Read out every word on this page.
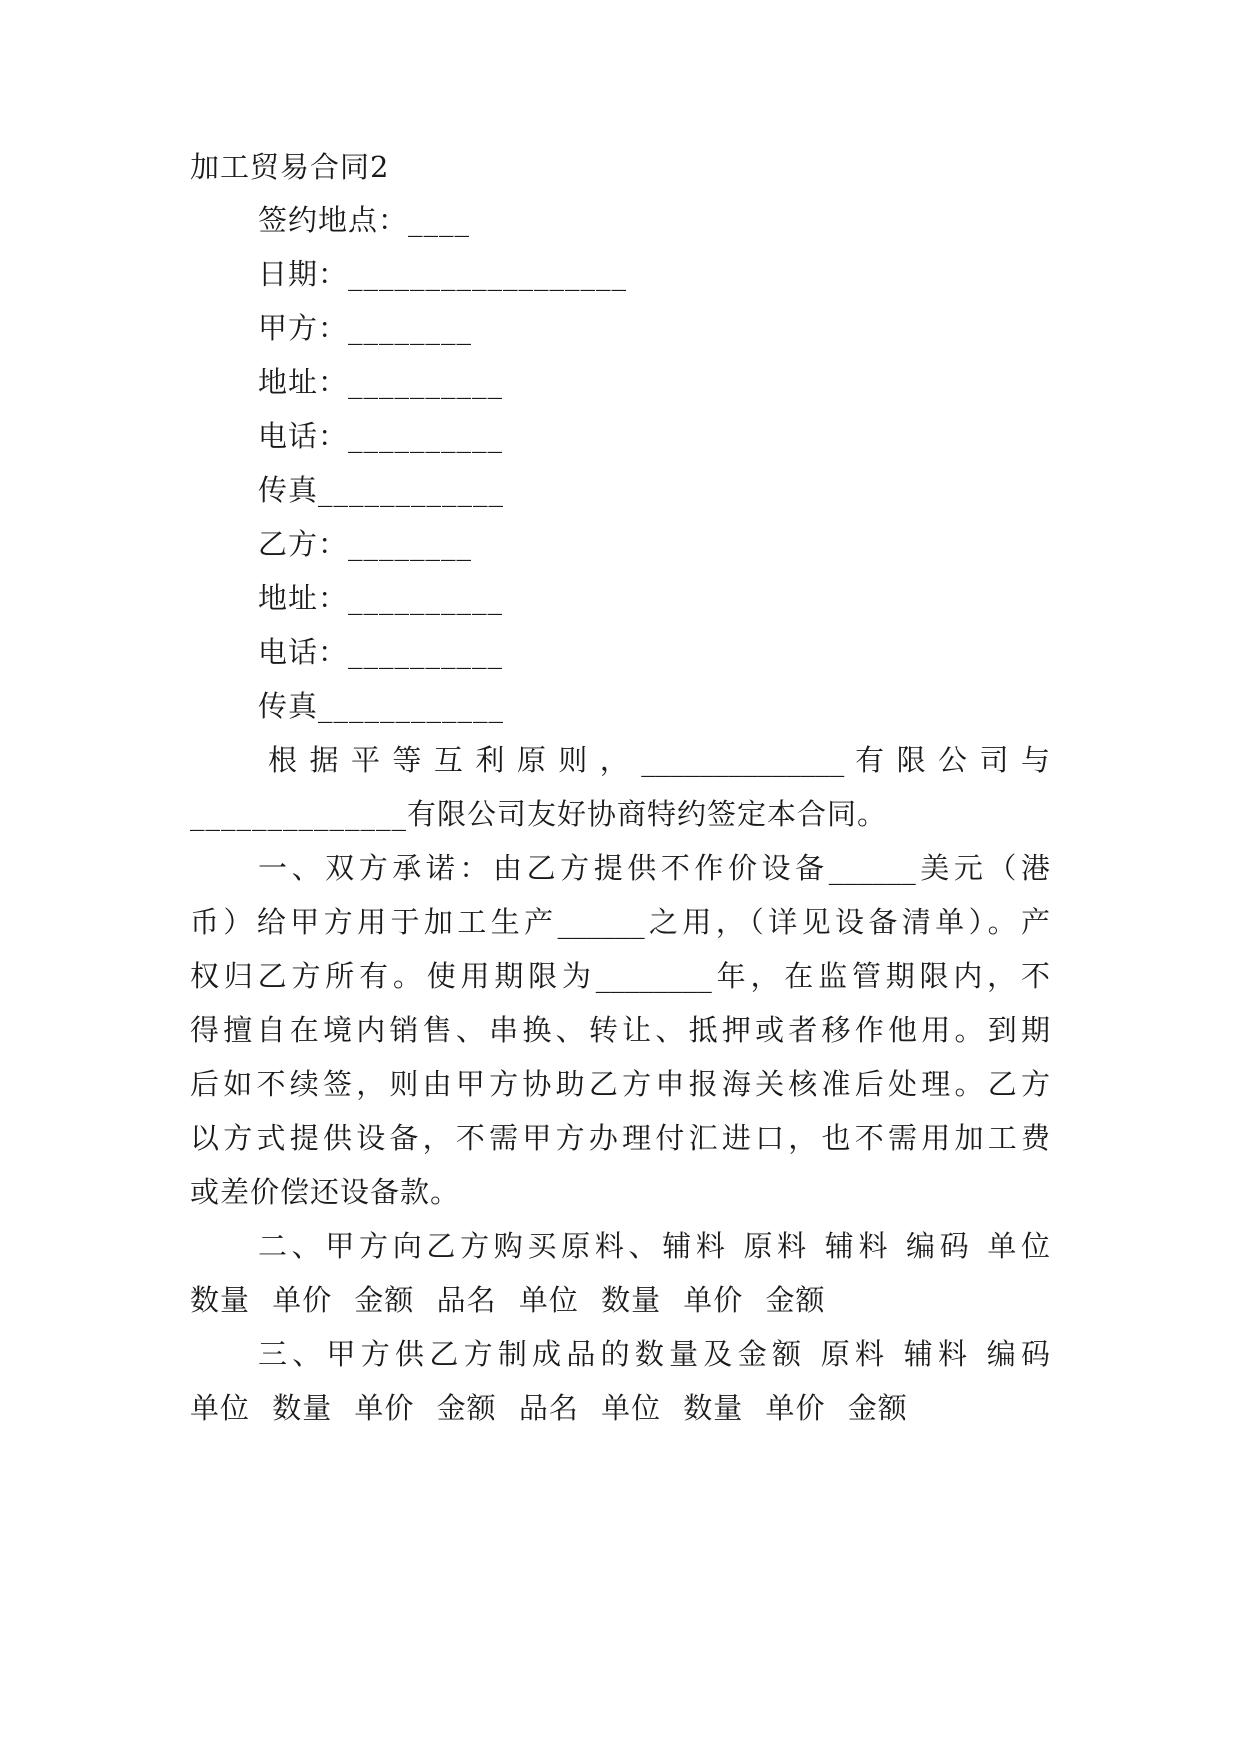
加工贸易合同2
签约地点：____
日期：__________________
甲方：________
地址：__________
电话：__________
传真____________
乙方：________
地址：__________
电话：__________
传真____________
根 据 平 等 互 利 原 则 ， ______________ 有 限 公 司 与
______________有限公司友好协商特约签定本合同。
一、双方承诺：由乙方提供不作价设备______美元（港
币）给甲方用于加工生产______之用，（详见设备清单）。产
权归乙方所有。使用期限为________年，在监管期限内，不
得擅自在境内销售、串换、转让、抵押或者移作他用。到期
后如不续签，则由甲方协助乙方申报海关核准后处理。乙方
以方式提供设备，不需甲方办理付汇进口，也不需用加工费
或差价偿还设备款。
二、甲方向乙方购买原料、辅料 原料 辅料 编码 单位
数量 单价 金额 品名 单位 数量 单价 金额
三、甲方供乙方制成品的数量及金额 原料 辅料 编码
单位 数量 单价 金额 品名 单位 数量 单价 金额
